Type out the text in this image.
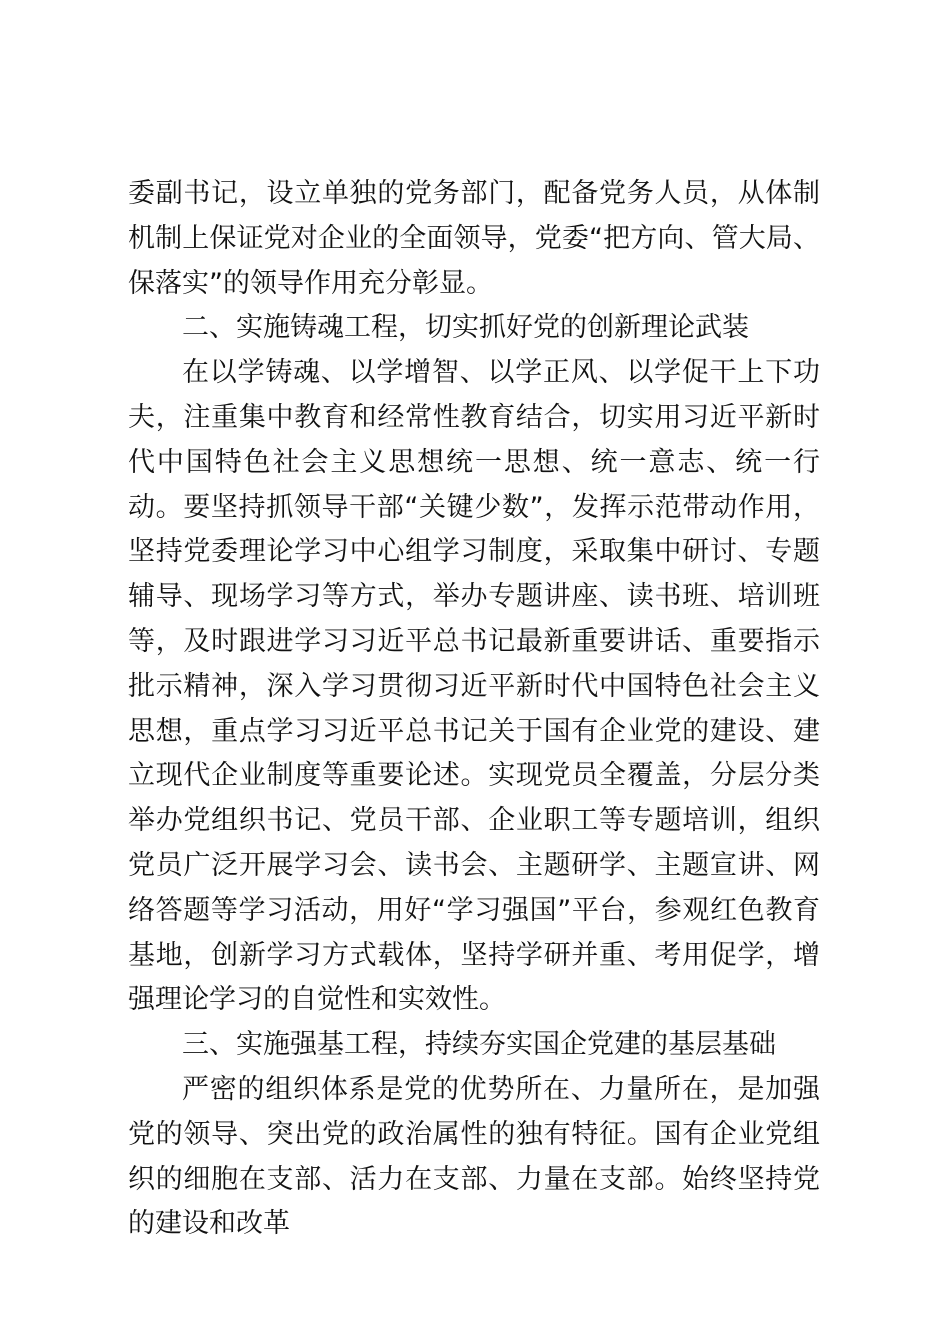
委副书记，设立单独的党务部门，配备党务人员，从体制机制上保证党对企业的全面领导，党委“把方向、管大局、保落实”的领导作用充分彰显。

二、实施铸魂工程，切实抓好党的创新理论武装

在以学铸魂、以学增智、以学正风、以学促干上下功夫，注重集中教育和经常性教育结合，切实用习近平新时代中国特色社会主义思想统一思想、统一意志、统一行动。要坚持抓领导干部“关键少数”，发挥示范带动作用，坚持党委理论学习中心组学习制度，采取集中研讨、专题辅导、现场学习等方式，举办专题讲座、读书班、培训班等，及时跟进学习习近平总书记最新重要讲话、重要指示批示精神，深入学习贯彻习近平新时代中国特色社会主义思想，重点学习习近平总书记关于国有企业党的建设、建立现代企业制度等重要论述。实现党员全覆盖，分层分类举办党组织书记、党员干部、企业职工等专题培训，组织党员广泛开展学习会、读书会、主题研学、主题宣讲、网络答题等学习活动，用好“学习强国”平台，参观红色教育基地，创新学习方式载体，坚持学研并重、考用促学，增强理论学习的自觉性和实效性。

三、实施强基工程，持续夯实国企党建的基层基础

严密的组织体系是党的优势所在、力量所在，是加强党的领导、突出党的政治属性的独有特征。国有企业党组织的细胞在支部、活力在支部、力量在支部。始终坚持党的建设和改革
